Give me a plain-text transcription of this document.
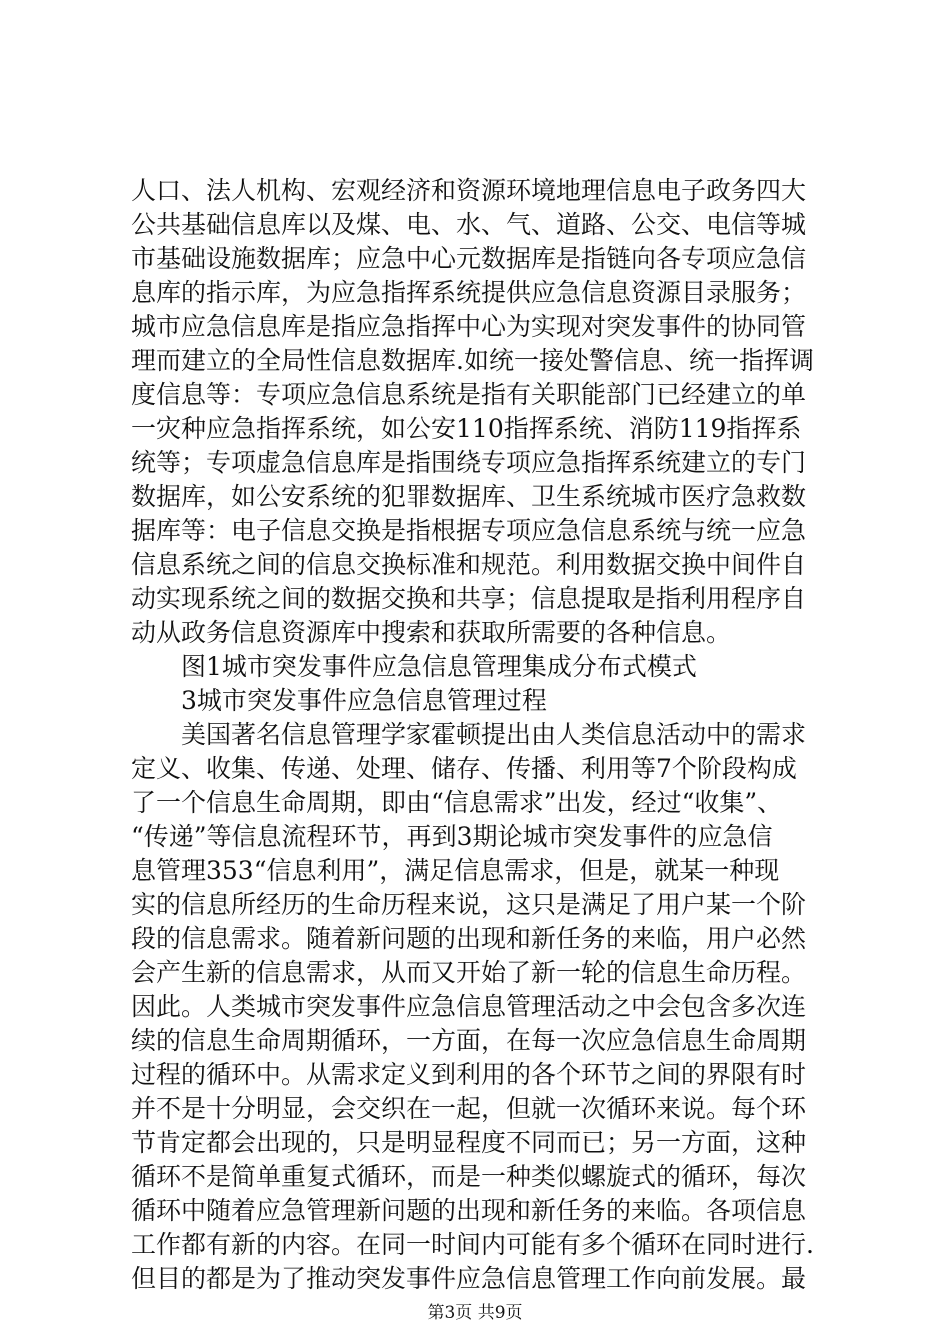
人口、法人机构、宏观经济和资源环境地理信息电子政务四大
公共基础信息库以及煤、电、水、气、道路、公交、电信等城
市基础设施数据库；应急中心元数据库是指链向各专项应急信
息库的指示库，为应急指挥系统提供应急信息资源目录服务；
城市应急信息库是指应急指挥中心为实现对突发事件的协同管
理而建立的全局性信息数据库.如统一接处警信息、统一指挥调
度信息等：专项应急信息系统是指有关职能部门已经建立的单
一灾种应急指挥系统，如公安110指挥系统、消防119指挥系
统等；专项虚急信息库是指围绕专项应急指挥系统建立的专门
数据库，如公安系统的犯罪数据库、卫生系统城市医疗急救数
据库等：电子信息交换是指根据专项应急信息系统与统一应急
信息系统之间的信息交换标准和规范。利用数据交换中间件自
动实现系统之间的数据交换和共享；信息提取是指利用程序自
动从政务信息资源库中搜索和获取所需要的各种信息。
图1城市突发事件应急信息管理集成分布式模式
3城市突发事件应急信息管理过程
美国著名信息管理学家霍顿提出由人类信息活动中的需求
定义、收集、传递、处理、储存、传播、利用等7个阶段构成
了一个信息生命周期，即由“信息需求”出发，经过“收集”、
“传递”等信息流程环节，再到3期论城市突发事件的应急信
息管理353“信息利用”，满足信息需求，但是，就某一种现
实的信息所经历的生命历程来说，这只是满足了用户某一个阶
段的信息需求。随着新问题的出现和新任务的来临，用户必然
会产生新的信息需求，从而又开始了新一轮的信息生命历程。
因此。人类城市突发事件应急信息管理活动之中会包含多次连
续的信息生命周期循环，一方面，在每一次应急信息生命周期
过程的循环中。从需求定义到利用的各个环节之间的界限有时
并不是十分明显，会交织在一起，但就一次循环来说。每个环
节肯定都会出现的，只是明显程度不同而已；另一方面，这种
循环不是简单重复式循环，而是一种类似螺旋式的循环，每次
循环中随着应急管理新问题的出现和新任务的来临。各项信息
工作都有新的内容。在同一时间内可能有多个循环在同时进行.
但目的都是为了推动突发事件应急信息管理工作向前发展。最
第3页 共9页
